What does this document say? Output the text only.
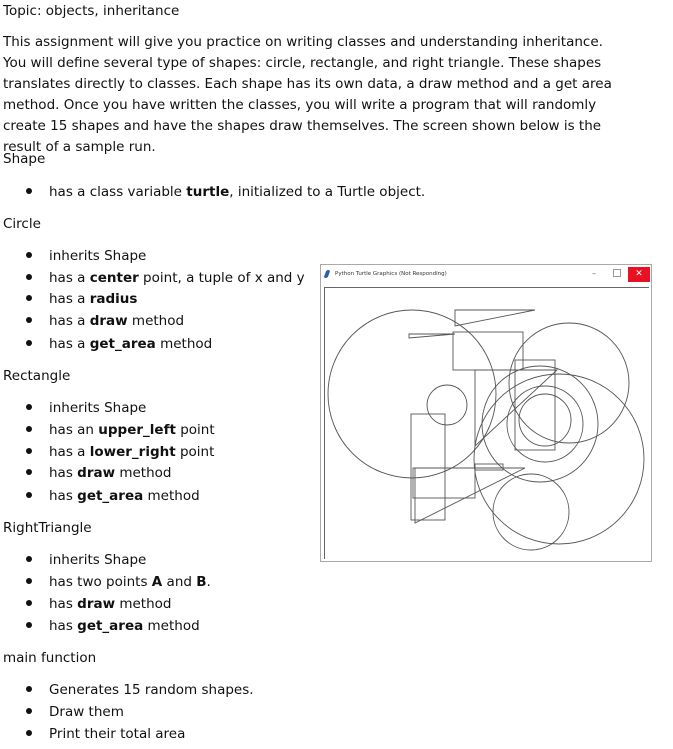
Topic: objects, inheritance
This assignment will give you practice on writing classes and understanding inheritance. You will define several type of shapes: circle, rectangle, and right triangle. These shapes translates directly to classes. Each shape has its own data, a draw method and a get area method. Once you have written the classes, you will write a program that will randomly create 15 shapes and have the shapes draw themselves. The screen shown below is the result of a sample run.
Shape
has a class variable turtle, initialized to a Turtle object.
Circle
inherits Shape
has a center point, a tuple of x and y
has a radius
has a draw method
has a get_area method
Rectangle
inherits Shape
has an upper_left point
has a lower_right point
has draw method
has get_area method
RightTriangle
inherits Shape
has two points A and B.
has draw method
has get_area method
main function
Generates 15 random shapes.
Draw them
Print their total area
Python Turtle Graphics (Not Responding)	–	✕
